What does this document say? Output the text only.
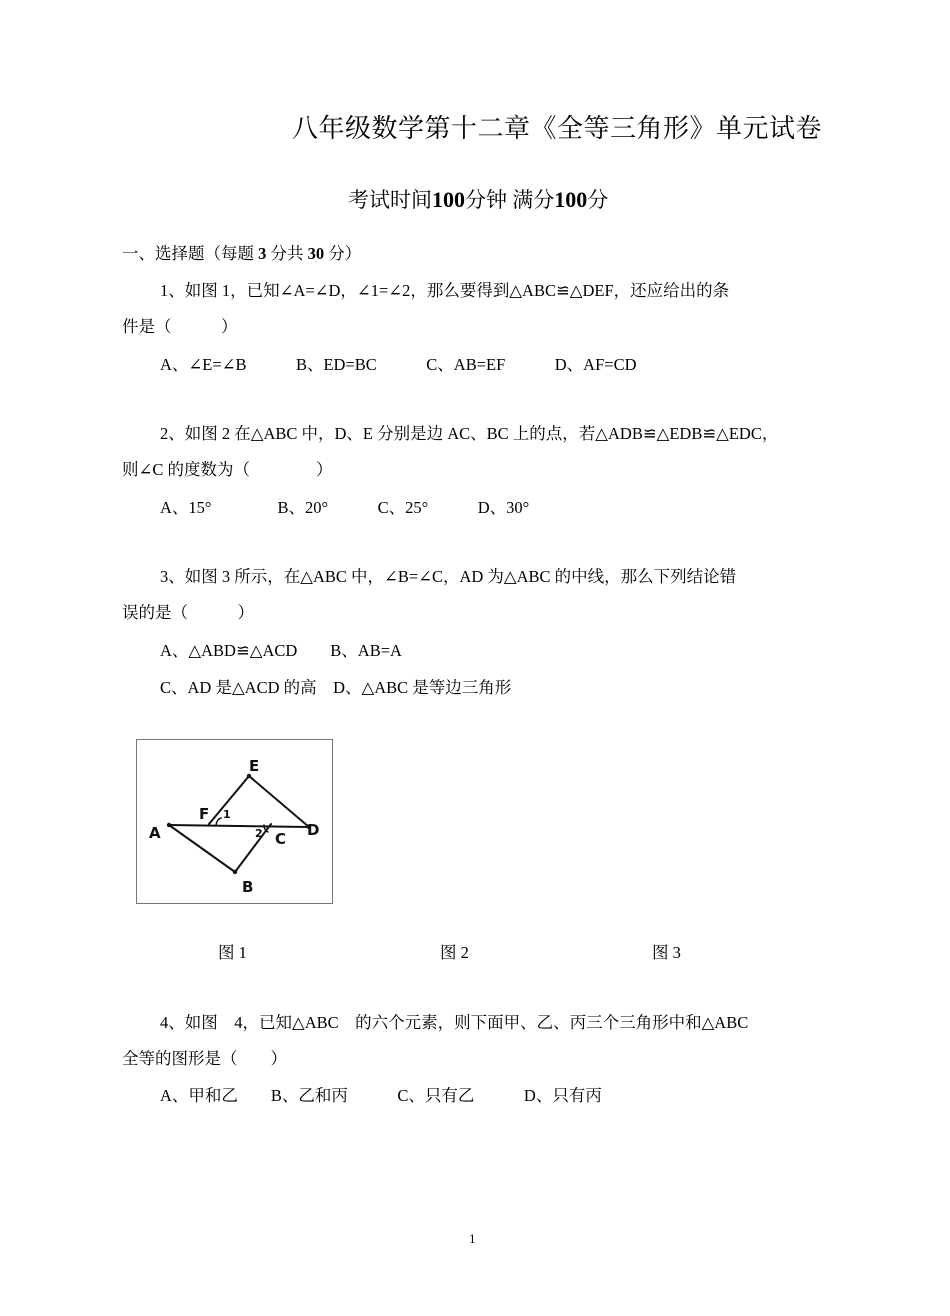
八年级数学第十二章《全等三角形》单元试卷
考试时间100分钟 满分100分
一、选择题（每题 3 分共 30 分）
1、如图 1，已知∠A=∠D，∠1=∠2，那么要得到△ABC≌△DEF，还应给出的条
件是（　　　）
A、∠E=∠B　　　B、ED=BC　　　C、AB=EF　　　D、AF=CD
2、如图 2 在△ABC 中，D、E 分别是边 AC、BC 上的点，若△ADB≌△EDB≌△EDC，
则∠C 的度数为（　　　　）
A、15°　　　　B、20°　　　C、25°　　　D、30°
3、如图 3 所示，在△ABC 中，∠B=∠C，AD 为△ABC 的中线，那么下列结论错
误的是（　　　）
A、△ABD≌△ACD　　B、AB=A
C、AD 是△ACD 的高　D、△ABC 是等边三角形
A
B
C D
E
F 1
2
图 1	图 2	图 3
4、如图　4，已知△ABC　的六个元素，则下面甲、乙、丙三个三角形中和△ABC
全等的图形是（　　）
A、甲和乙　　B、乙和丙　　　C、只有乙　　　D、只有丙
1
